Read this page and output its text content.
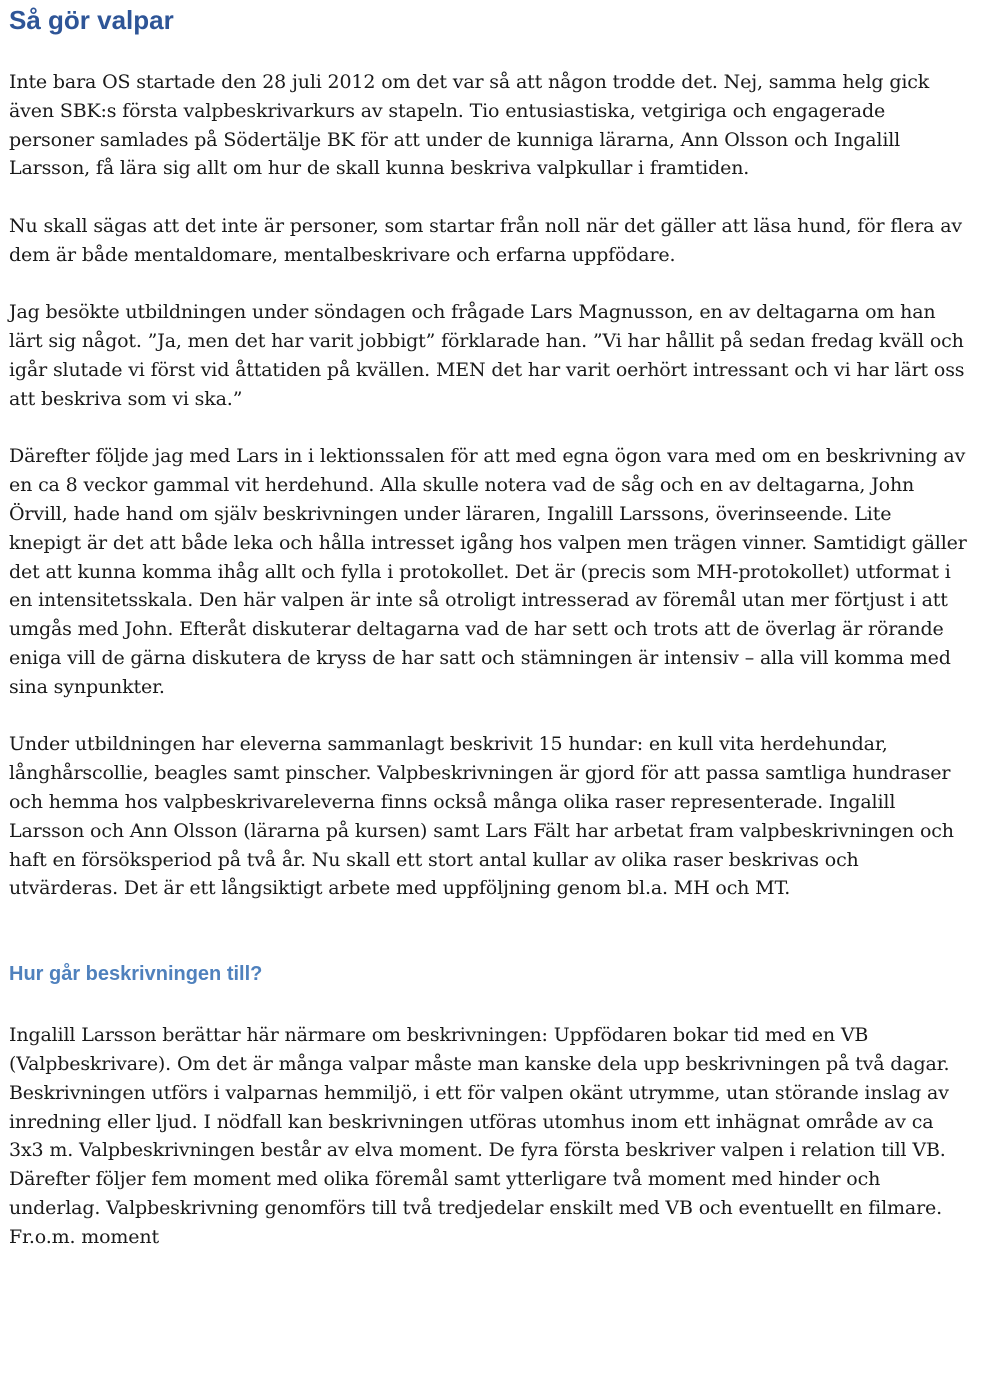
Så gör valpar

Inte bara OS startade den 28 juli 2012 om det var så att någon trodde det. Nej, samma helg gick även SBK:s första valpbeskrivarkurs av stapeln. Tio entusiastiska, vetgiriga och engagerade personer samlades på Södertälje BK för att under de kunniga lärarna, Ann Olsson och Ingalill Larsson, få lära sig allt om hur de skall kunna beskriva valpkullar i framtiden.

Nu skall sägas att det inte är personer, som startar från noll när det gäller att läsa hund, för flera av dem är både mentaldomare, mentalbeskrivare och erfarna uppfödare.

Jag besökte utbildningen under söndagen och frågade Lars Magnusson, en av deltagarna om han lärt sig något. ”Ja, men det har varit jobbigt” förklarade han. ”Vi har hållit på sedan fredag kväll och igår slutade vi först vid åttatiden på kvällen. MEN det har varit oerhört intressant och vi har lärt oss att beskriva som vi ska.”

Därefter följde jag med Lars in i lektionssalen för att med egna ögon vara med om en beskrivning av en ca 8 veckor gammal vit herdehund. Alla skulle notera vad de såg och en av deltagarna, John Örvill, hade hand om själv beskrivningen under läraren, Ingalill Larssons, överinseende. Lite knepigt är det att både leka och hålla intresset igång hos valpen men trägen vinner. Samtidigt gäller det att kunna komma ihåg allt och fylla i protokollet. Det är (precis som MH-protokollet) utformat i en intensitetsskala. Den här valpen är inte så otroligt intresserad av föremål utan mer förtjust i att umgås med John. Efteråt diskuterar deltagarna vad de har sett och trots att de överlag är rörande eniga vill de gärna diskutera de kryss de har satt och stämningen är intensiv – alla vill komma med sina synpunkter.

Under utbildningen har eleverna sammanlagt beskrivit 15 hundar: en kull vita herdehundar, långhårscollie, beagles samt pinscher. Valpbeskrivningen är gjord för att passa samtliga hundraser och hemma hos valpbeskrivareleverna finns också många olika raser representerade. Ingalill Larsson och Ann Olsson (lärarna på kursen) samt Lars Fält har arbetat fram valpbeskrivningen och haft en försöksperiod på två år. Nu skall ett stort antal kullar av olika raser beskrivas och utvärderas. Det är ett långsiktigt arbete med uppföljning genom bl.a. MH och MT.

Hur går beskrivningen till?

Ingalill Larsson berättar här närmare om beskrivningen: Uppfödaren bokar tid med en VB (Valpbeskrivare). Om det är många valpar måste man kanske dela upp beskrivningen på två dagar.

Beskrivningen utförs i valparnas hemmiljö, i ett för valpen okänt utrymme, utan störande inslag av inredning eller ljud. I nödfall kan beskrivningen utföras utomhus inom ett inhägnat område av ca 3x3 m. Valpbeskrivningen består av elva moment. De fyra första beskriver valpen i relation till VB. Därefter följer fem moment med olika föremål samt ytterligare två moment med hinder och underlag. Valpbeskrivning genomförs till två tredjedelar enskilt med VB och eventuellt en filmare. Fr.o.m. moment
